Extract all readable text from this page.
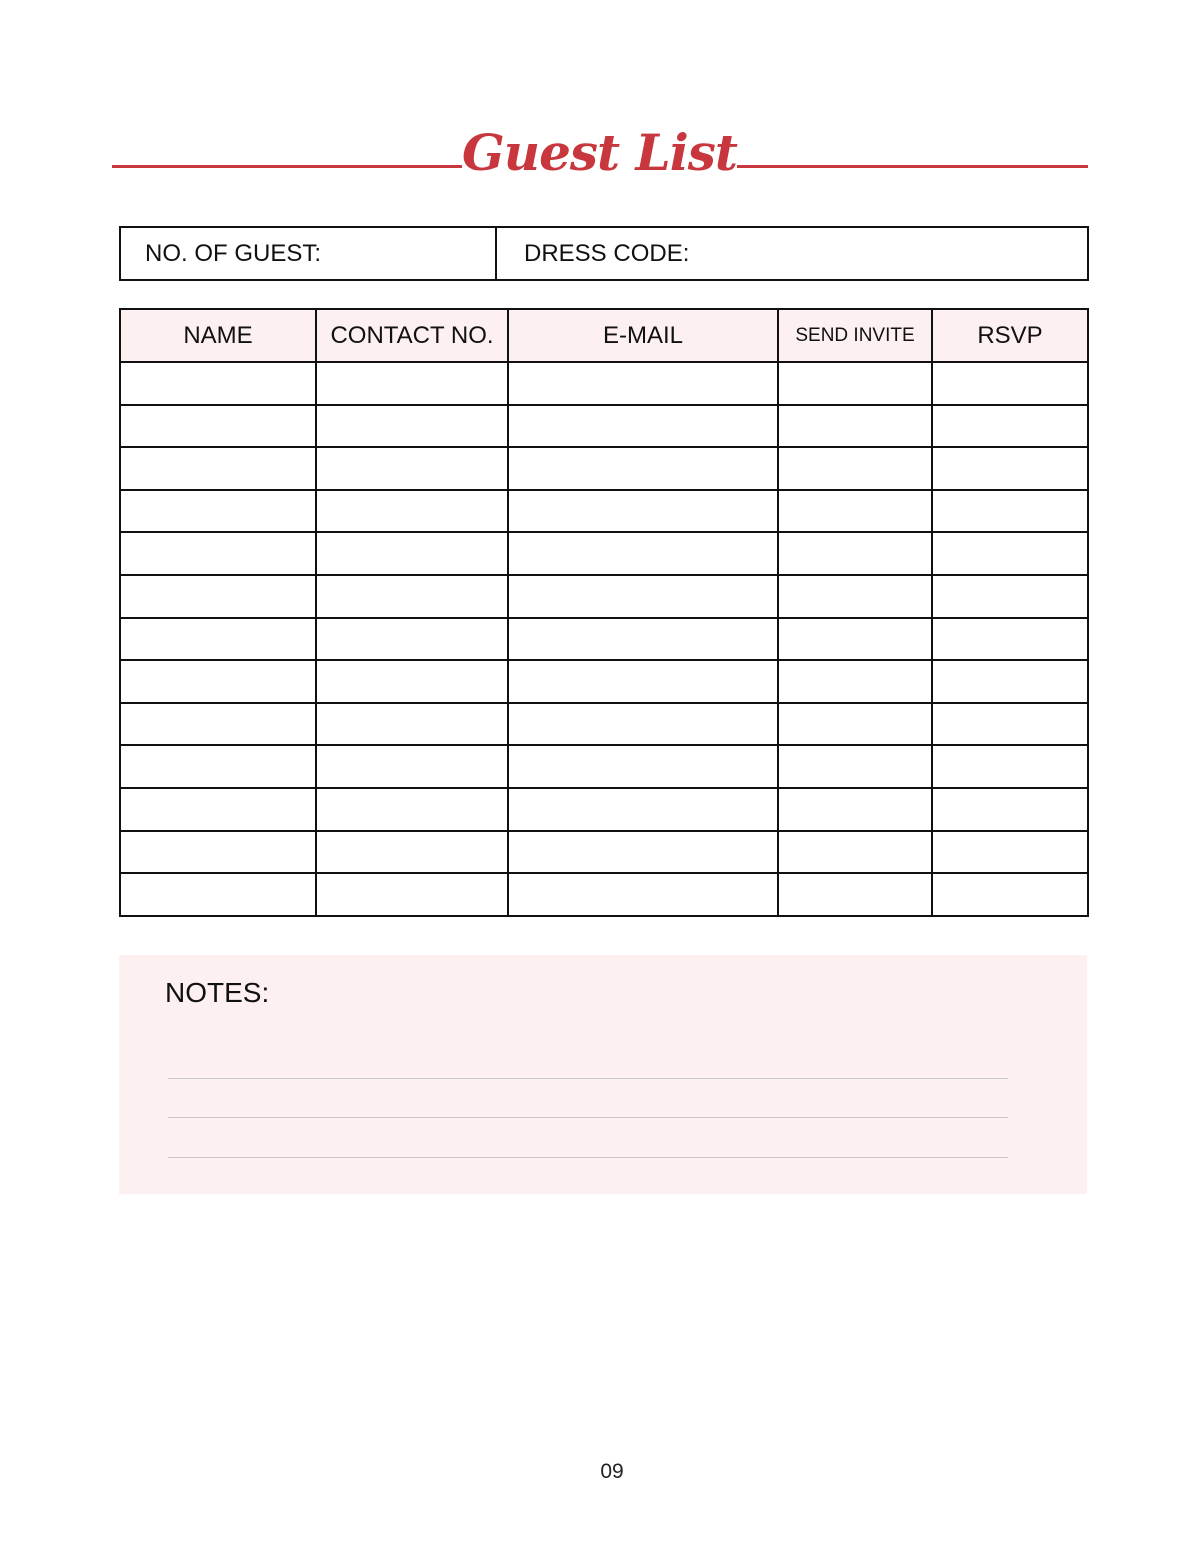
Guest List
NO. OF GUEST:	DRESS CODE:
NAME	CONTACT NO.	E-MAIL	SEND INVITE	RSVP

NOTES:
09
